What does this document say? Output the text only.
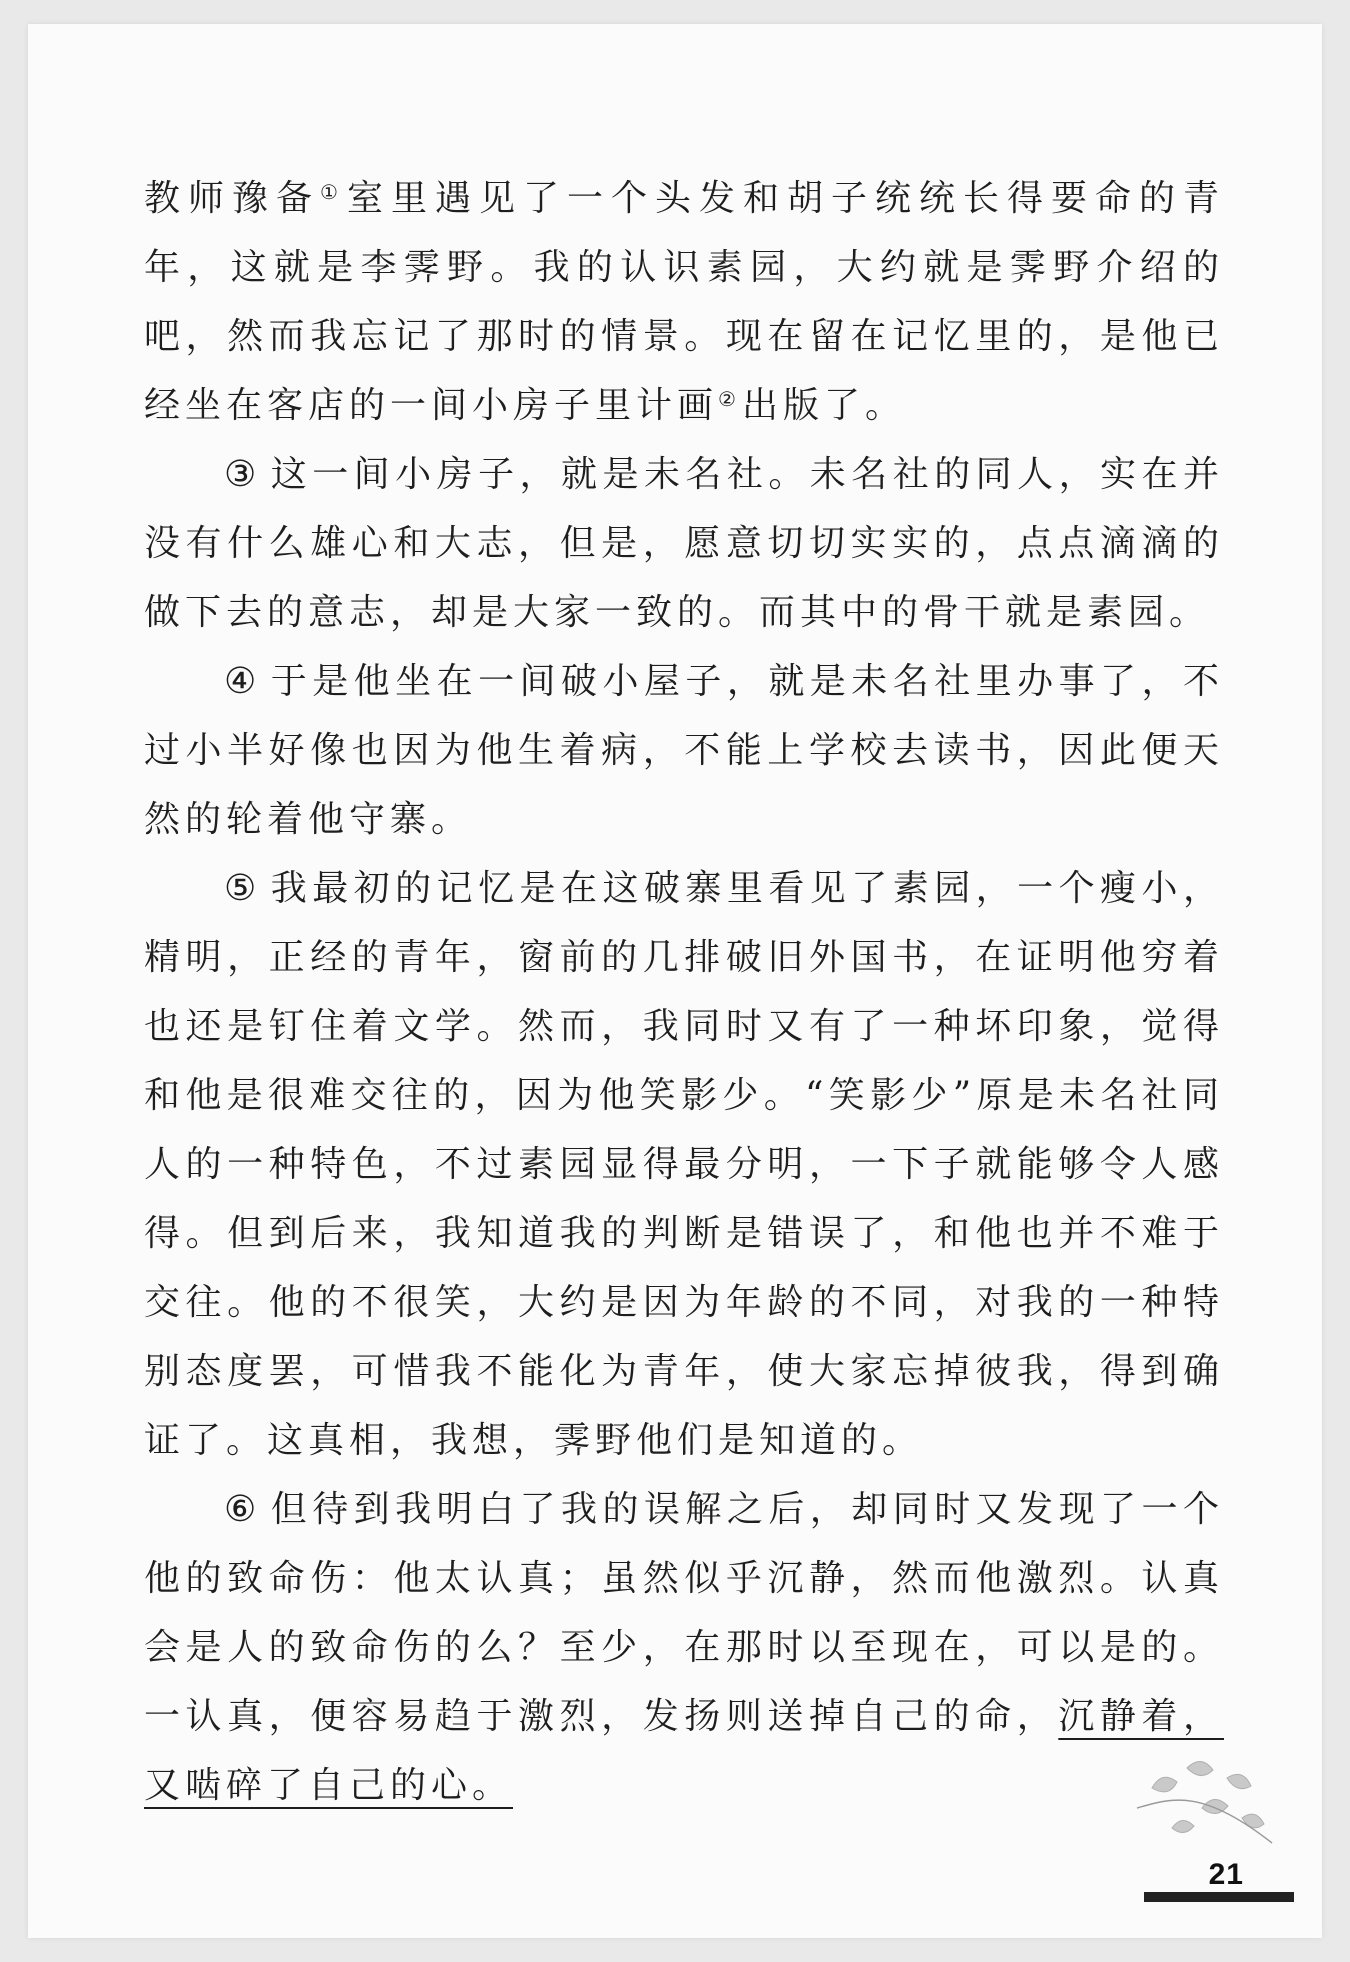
教师豫备① 室里遇见了一个头发和胡子统统长得要命的青年，这就是李霁野。我的认识素园，大约就是霁野介绍的吧，然而我忘记了那时的情景。现在留在记忆里的，是他已经坐在客店的一间小房子里计画② 出版了。

③ 这一间小房子，就是未名社。未名社的同人，实在并没有什么雄心和大志，但是，愿意切切实实的，点点滴滴的做下去的意志，却是大家一致的。而其中的骨干就是素园。

④ 于是他坐在一间破小屋子，就是未名社里办事了，不过小半好像也因为他生着病，不能上学校去读书，因此便天然的轮着他守寨。

⑤ 我最初的记忆是在这破寨里看见了素园，一个瘦小，精明，正经的青年，窗前的几排破旧外国书，在证明他穷着也还是钉住着文学。然而，我同时又有了一种坏印象，觉得和他是很难交往的，因为他笑影少。“笑影少”原是未名社同人的一种特色，不过素园显得最分明，一下子就能够令人感得。但到后来，我知道我的判断是错误了，和他也并不难于交往。他的不很笑，大约是因为年龄的不同，对我的一种特别态度罢，可惜我不能化为青年，使大家忘掉彼我，得到确证了。这真相，我想，霁野他们是知道的。

⑥ 但待到我明白了我的误解之后，却同时又发现了一个他的致命伤：他太认真；虽然似乎沉静，然而他激烈。认真会是人的致命伤的么？至少，在那时以至现在，可以是的。一认真，便容易趋于激烈，发扬则送掉自己的命，沉静着，又啮碎了自己的心。

21
